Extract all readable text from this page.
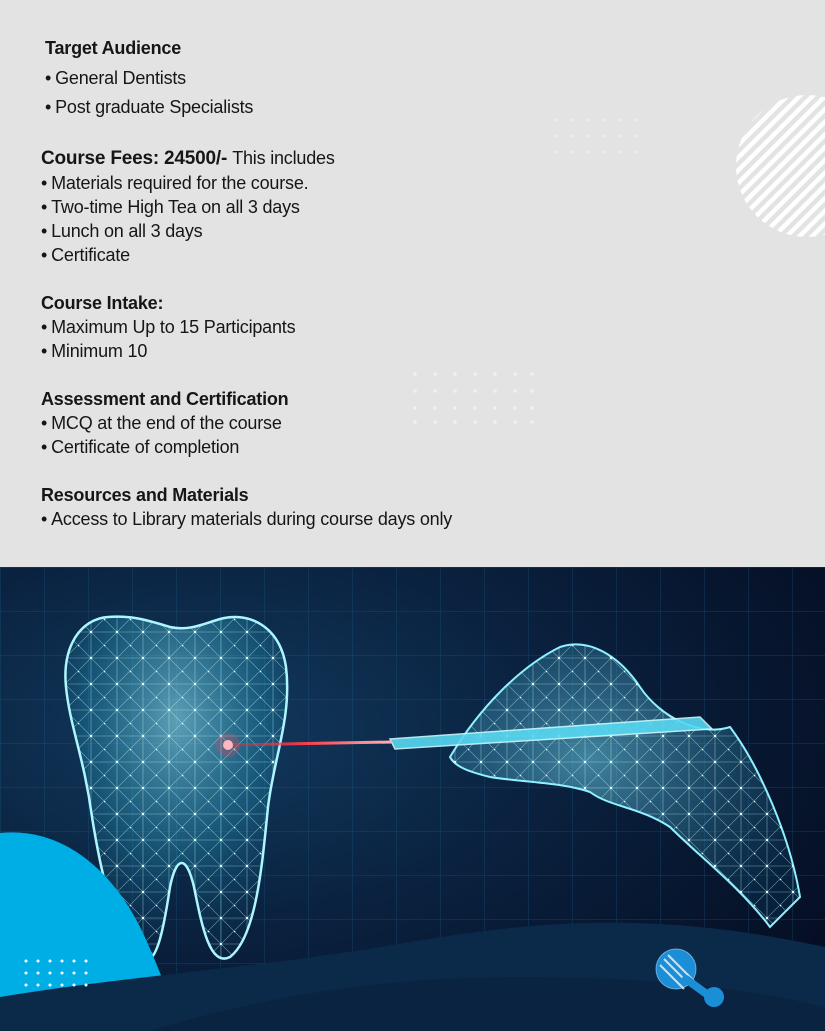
Target Audience

• General Dentists
• Post graduate Specialists

Course Fees: 24500/- This includes

• Materials required for the course.
• Two-time High Tea on all 3 days
• Lunch on all 3 days
• Certificate

Course Intake:

• Maximum Up to 15 Participants
• Minimum 10

Assessment and Certification

• MCQ at the end of the course
• Certificate of completion

Resources and Materials

• Access to Library materials during course days only
